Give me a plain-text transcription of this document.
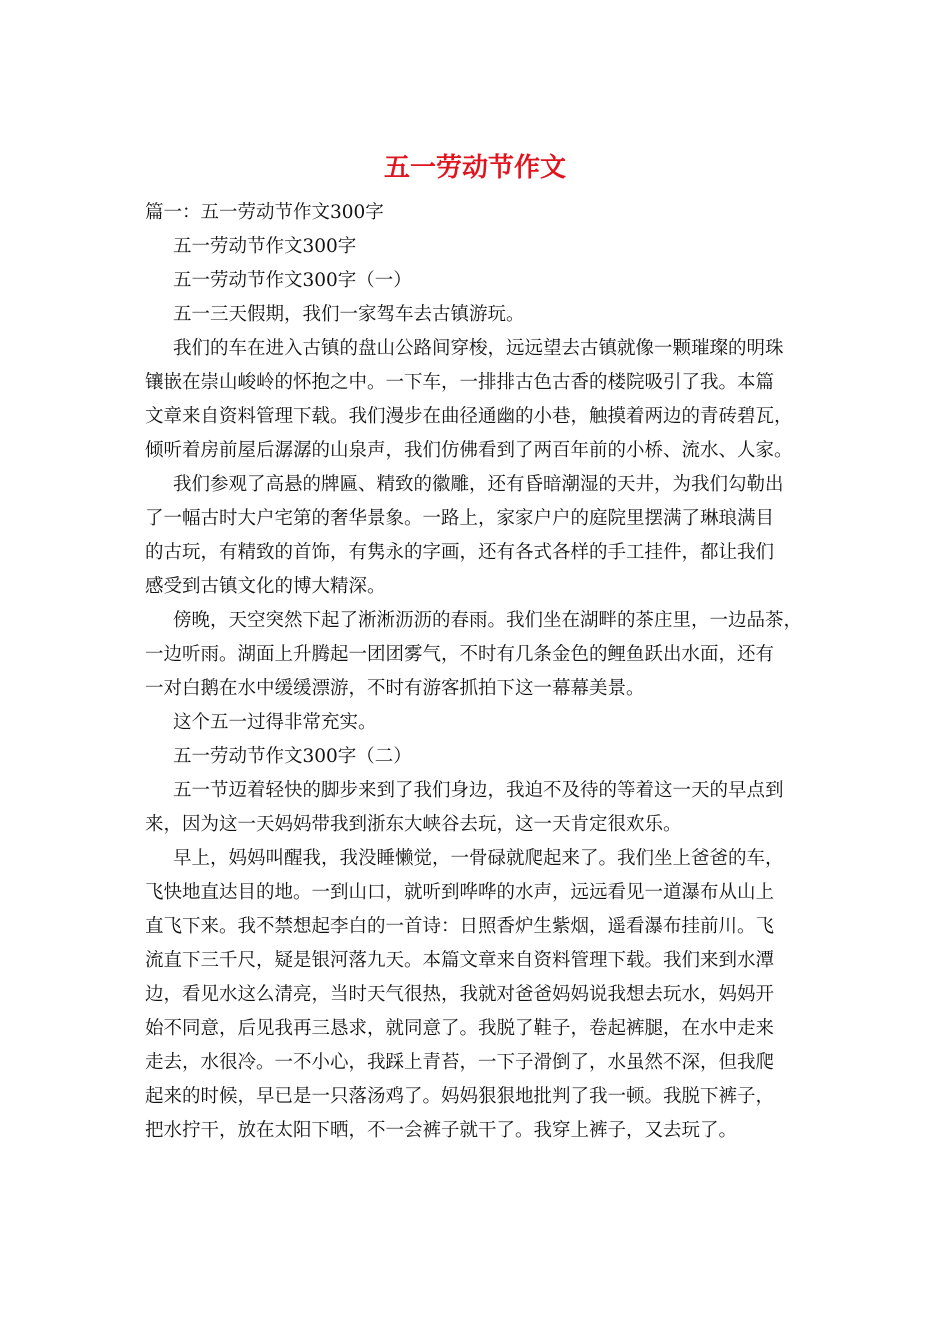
五一劳动节作文

篇一：五一劳动节作文300字

五一劳动节作文300字

五一劳动节作文300字（一）

五一三天假期，我们一家驾车去古镇游玩。

我们的车在进入古镇的盘山公路间穿梭，远远望去古镇就像一颗璀璨的明珠

镶嵌在崇山峻岭的怀抱之中。一下车，一排排古色古香的楼院吸引了我。本篇

文章来自资料管理下载。我们漫步在曲径通幽的小巷，触摸着两边的青砖碧瓦，

倾听着房前屋后潺潺的山泉声，我们仿佛看到了两百年前的小桥、流水、人家。

我们参观了高悬的牌匾、精致的徽雕，还有昏暗潮湿的天井，为我们勾勒出

了一幅古时大户宅第的奢华景象。一路上，家家户户的庭院里摆满了琳琅满目

的古玩，有精致的首饰，有隽永的字画，还有各式各样的手工挂件，都让我们

感受到古镇文化的博大精深。

傍晚，天空突然下起了淅淅沥沥的春雨。我们坐在湖畔的茶庄里，一边品茶，

一边听雨。湖面上升腾起一团团雾气，不时有几条金色的鲤鱼跃出水面，还有

一对白鹅在水中缓缓漂游，不时有游客抓拍下这一幕幕美景。

这个五一过得非常充实。

五一劳动节作文300字（二）

五一节迈着轻快的脚步来到了我们身边，我迫不及待的等着这一天的早点到

来，因为这一天妈妈带我到浙东大峡谷去玩，这一天肯定很欢乐。

早上，妈妈叫醒我，我没睡懒觉，一骨碌就爬起来了。我们坐上爸爸的车，

飞快地直达目的地。一到山口，就听到哗哗的水声，远远看见一道瀑布从山上

直飞下来。我不禁想起李白的一首诗：日照香炉生紫烟，遥看瀑布挂前川。飞

流直下三千尺，疑是银河落九天。本篇文章来自资料管理下载。我们来到水潭

边，看见水这么清亮，当时天气很热，我就对爸爸妈妈说我想去玩水，妈妈开

始不同意，后见我再三恳求，就同意了。我脱了鞋子，卷起裤腿，在水中走来

走去，水很冷。一不小心，我踩上青苔，一下子滑倒了，水虽然不深，但我爬

起来的时候，早已是一只落汤鸡了。妈妈狠狠地批判了我一顿。我脱下裤子，

把水拧干，放在太阳下晒，不一会裤子就干了。我穿上裤子，又去玩了。
